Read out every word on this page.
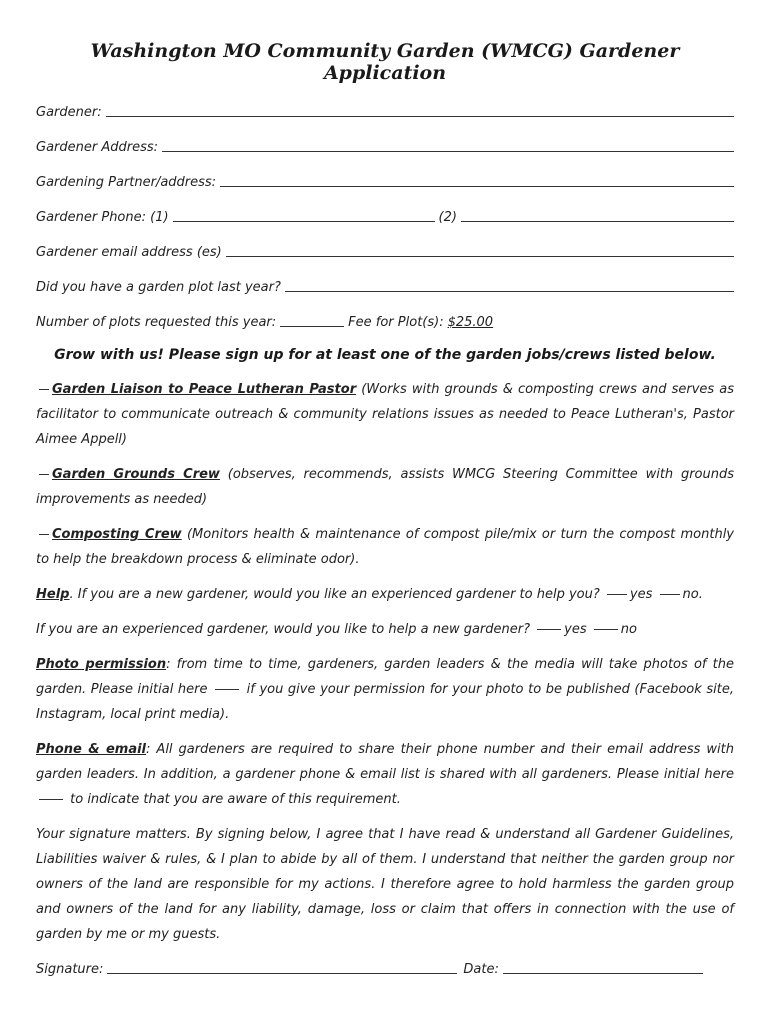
Washington MO Community Garden (WMCG) Gardener Application
Gardener:
Gardener Address:
Gardening Partner/address:
Gardener Phone: (1)	(2)
Gardener email address (es)
Did you have a garden plot last year?
Number of plots requested this year:	Fee for Plot(s): $25.00
Grow with us! Please sign up for at least one of the garden jobs/crews listed below.

Garden Liaison to Peace Lutheran Pastor (Works with grounds & composting crews and serves as facilitator to communicate outreach & community relations issues as needed to Peace Lutheran's, Pastor Aimee Appell)

Garden Grounds Crew (observes, recommends, assists WMCG Steering Committee with grounds improvements as needed)

Composting Crew (Monitors health & maintenance of compost pile/mix or turn the compost monthly to help the breakdown process & eliminate odor).

Help. If you are a new gardener, would you like an experienced gardener to help you? yes no.

If you are an experienced gardener, would you like to help a new gardener?	yes	no

Photo permission: from time to time, gardeners, garden leaders & the media will take photos of the garden. Please initial here	if you give your permission for your photo to be published (Facebook site, Instagram, local print media).

Phone & email: All gardeners are required to share their phone number and their email address with garden leaders. In addition, a gardener phone & email list is shared with all gardeners. Please initial here  to indicate that you are aware of this requirement.

Your signature matters. By signing below, I agree that I have read & understand all Gardener Guidelines, Liabilities waiver & rules, & I plan to abide by all of them. I understand that neither the garden group nor owners of the land are responsible for my actions. I therefore agree to hold harmless the garden group and owners of the land for any liability, damage, loss or claim that offers in connection with the use of garden by me or my guests.

Signature:	Date:
